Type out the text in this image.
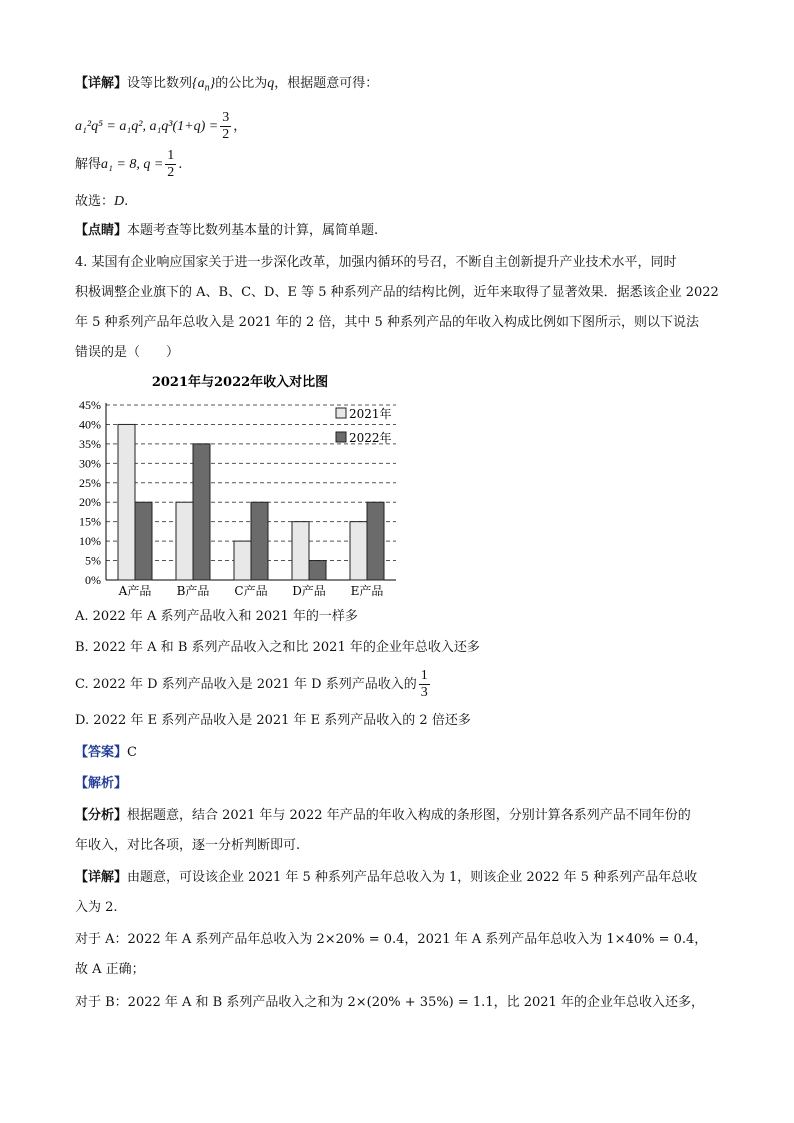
【详解】设等比数列$\{a_n\}$的公比为q，根据题意可得：
a₁²q⁵ = a₁q², $a_1q^3(1+q) = \frac{3}{2}$ ，
解得a₁ = 8, $q = \frac{1}{2}$ .
故选：D.
【点睛】本题考查等比数列基本量的计算，属简单题.
4. 某国有企业响应国家关于进一步深化改革，加强内循环的号召，不断自主创新提升产业技术水平，同时
积极调整企业旗下的 A、B、C、D、E 等 5 种系列产品的结构比例，近年来取得了显著效果．据悉该企业 2022
年 5 种系列产品年总收入是 2021 年的 2 倍，其中 5 种系列产品的年收入构成比例如下图所示，则以下说法
错误的是（　　）
2021年与2022年收入对比图
0%
5%
10%
15%
20%
25%
30%
35%
40%
45%
A产品 B产品 C产品 D产品 E产品
2021年
2022年
A. 2022 年 A 系列产品收入和 2021 年的一样多
B. 2022 年 A 和 B 系列产品收入之和比 2021 年的企业年总收入还多
C. 2022 年 D 系列产品收入是 2021 年 D 系列产品收入的 $\frac{1}{3}$
D. 2022 年 E 系列产品收入是 2021 年 E 系列产品收入的 2 倍还多
【答案】C
【解析】
【分析】根据题意，结合 2021 年与 2022 年产品的年收入构成的条形图，分别计算各系列产品不同年份的
年收入，对比各项，逐一分析判断即可.
【详解】由题意，可设该企业 2021 年 5 种系列产品年总收入为 1，则该企业 2022 年 5 种系列产品年总收
入为 2.
对于 A：2022 年 A 系列产品年总收入为 2×20% = 0.4，2021 年 A 系列产品年总收入为 1×40% = 0.4，
故 A 正确；
对于 B：2022 年 A 和 B 系列产品收入之和为 2×(20% + 35%) = 1.1，比 2021 年的企业年总收入还多，
